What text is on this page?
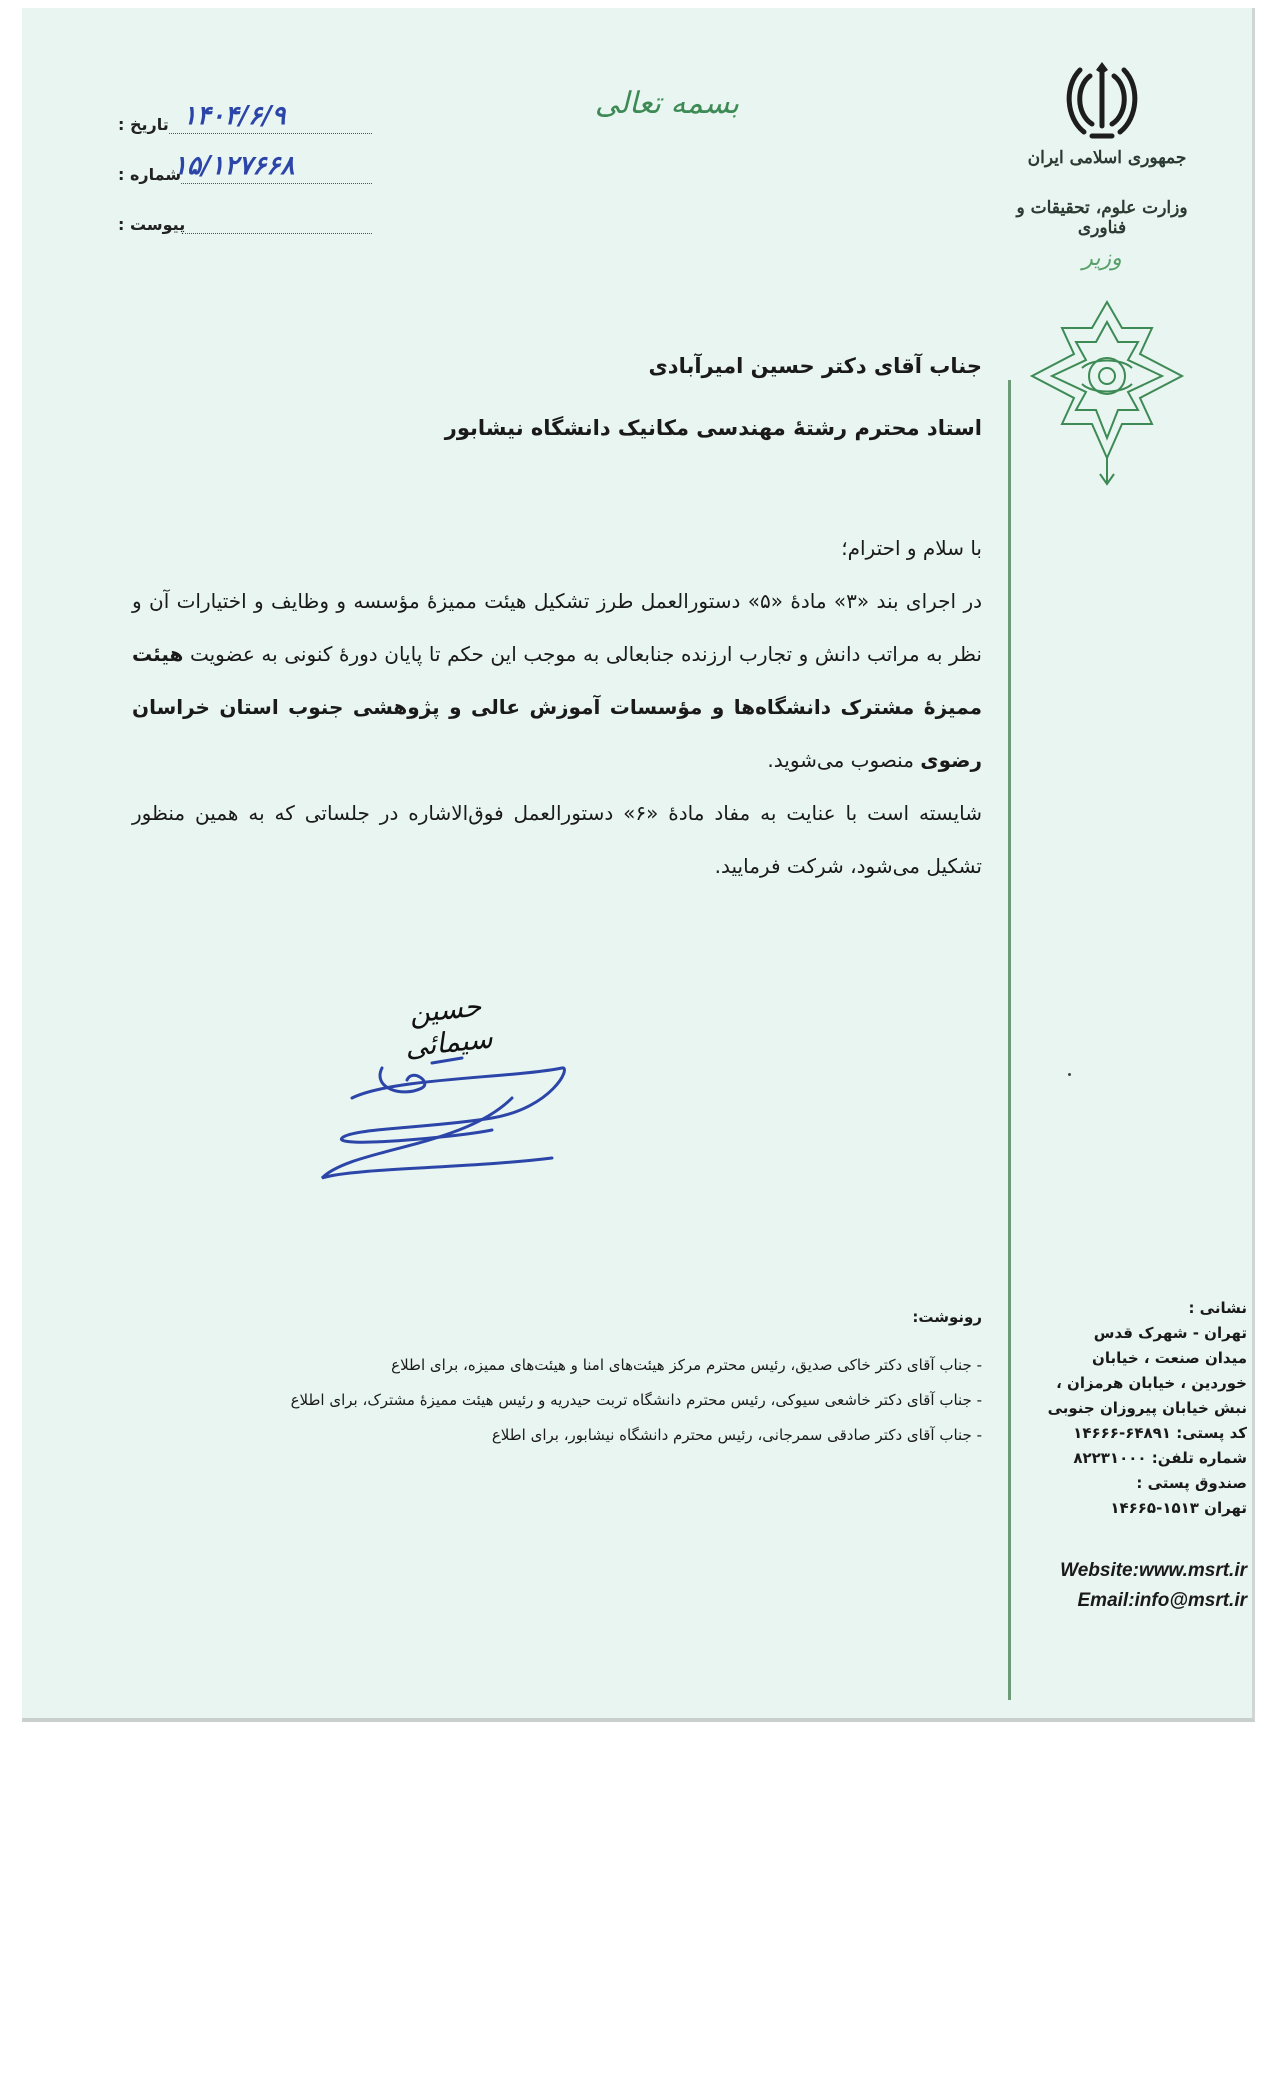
جمهوری اسلامی ایران
وزارت علوم، تحقیقات و فناوری
وزیر
بسمه تعالی
تاریخ : ۱۴۰۴/۶/۹
شماره :
۱۵/۱۲۷۶۶۸
پیوست :
جناب آقای دکتر حسین امیرآبادی
استاد محترم رشتهٔ مهندسی مکانیک دانشگاه نیشابور

با سلام و احترام؛

در اجرای بند «۳» مادهٔ «۵» دستورالعمل طرز تشکیل هیئت ممیزهٔ مؤسسه و وظایف و اختیارات آن و نظر به مراتب دانش و تجارب ارزنده جنابعالی به موجب این حکم تا پایان دورهٔ کنونی به عضویت هیئت ممیزهٔ مشترک دانشگاه‌ها و مؤسسات آموزش عالی و پژوهشی جنوب استان خراسان رضوی منصوب می‌شوید.

شایسته است با عنایت به مفاد مادهٔ «۶» دستورالعمل فوق‌الاشاره در جلساتی که به همین منظور تشکیل می‌شود، شرکت فرمایید.

حسین سیمائی
رونوشت:
- جناب آقای دکتر خاکی صدیق، رئیس محترم مرکز هیئت‌های امنا و هیئت‌های ممیزه، برای اطلاع
- جناب آقای دکتر خاشعی سیوکی، رئیس محترم دانشگاه تربت حیدریه و رئیس هیئت ممیزهٔ مشترک، برای اطلاع
- جناب آقای دکتر صادقی سمرجانی، رئیس محترم دانشگاه نیشابور، برای اطلاع
نشانی :
تهران - شهرک قدس
میدان صنعت ، خیابان
خوردین ، خیابان هرمزان ،
نبش خیابان پیروزان جنوبی
کد پستی: ۶۴۸۹۱-۱۴۶۶۶
شماره تلفن: ۸۲۲۳۱۰۰۰
صندوق پستی :
تهران ۱۵۱۳-۱۴۶۶۵
Website:www.msrt.ir
Email:info@msrt.ir
